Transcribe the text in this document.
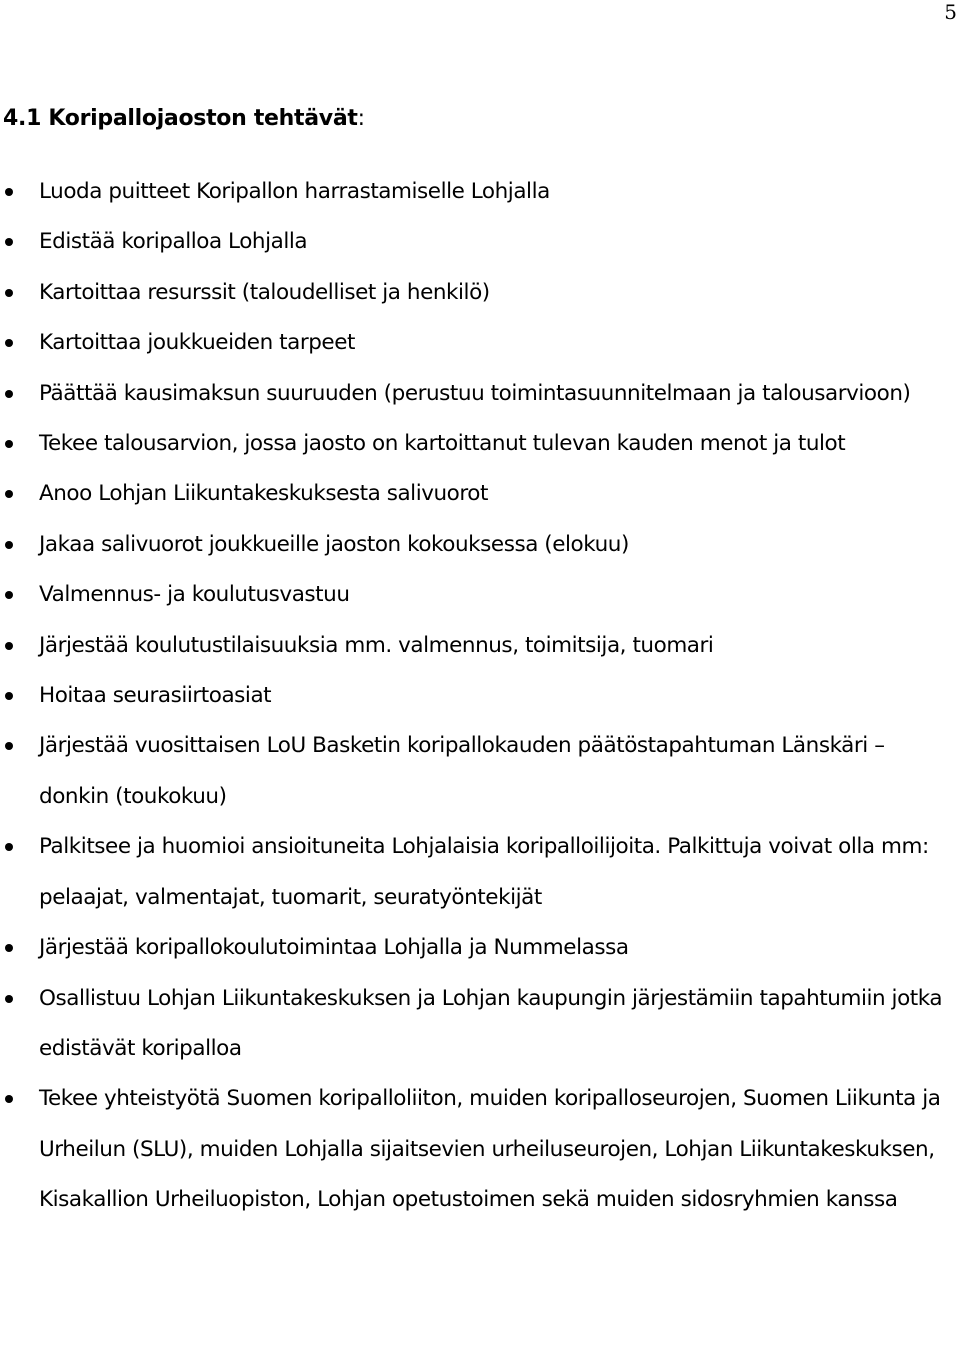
5
4.1 Koripallojaoston tehtävät:
Luoda puitteet Koripallon harrastamiselle Lohjalla
Edistää koripalloa Lohjalla
Kartoittaa resurssit (taloudelliset ja henkilö)
Kartoittaa joukkueiden tarpeet
Päättää kausimaksun suuruuden (perustuu toimintasuunnitelmaan ja talousarvioon)
Tekee talousarvion, jossa jaosto on kartoittanut tulevan kauden menot ja tulot
Anoo Lohjan Liikuntakeskuksesta salivuorot
Jakaa salivuorot joukkueille jaoston kokouksessa (elokuu)
Valmennus- ja koulutusvastuu
Järjestää koulutustilaisuuksia mm. valmennus, toimitsija, tuomari
Hoitaa seurasiirtoasiat
Järjestää vuosittaisen LoU Basketin koripallokauden päätöstapahtuman Länskäri –donkin (toukokuu)
Palkitsee ja huomioi ansioituneita Lohjalaisia koripalloilijoita. Palkittuja voivat olla mm: pelaajat, valmentajat, tuomarit, seuratyöntekijät
Järjestää koripallokoulutoimintaa Lohjalla ja Nummelassa
Osallistuu Lohjan Liikuntakeskuksen ja Lohjan kaupungin järjestämiin tapahtumiin jotka edistävät koripalloa
Tekee yhteistyötä Suomen koripalloliiton, muiden koripalloseurojen, Suomen Liikunta ja Urheilun (SLU), muiden Lohjalla sijaitsevien urheiluseurojen, Lohjan Liikuntakeskuksen, Kisakallion Urheiluopiston, Lohjan opetustoimen sekä muiden sidosryhmien kanssa
